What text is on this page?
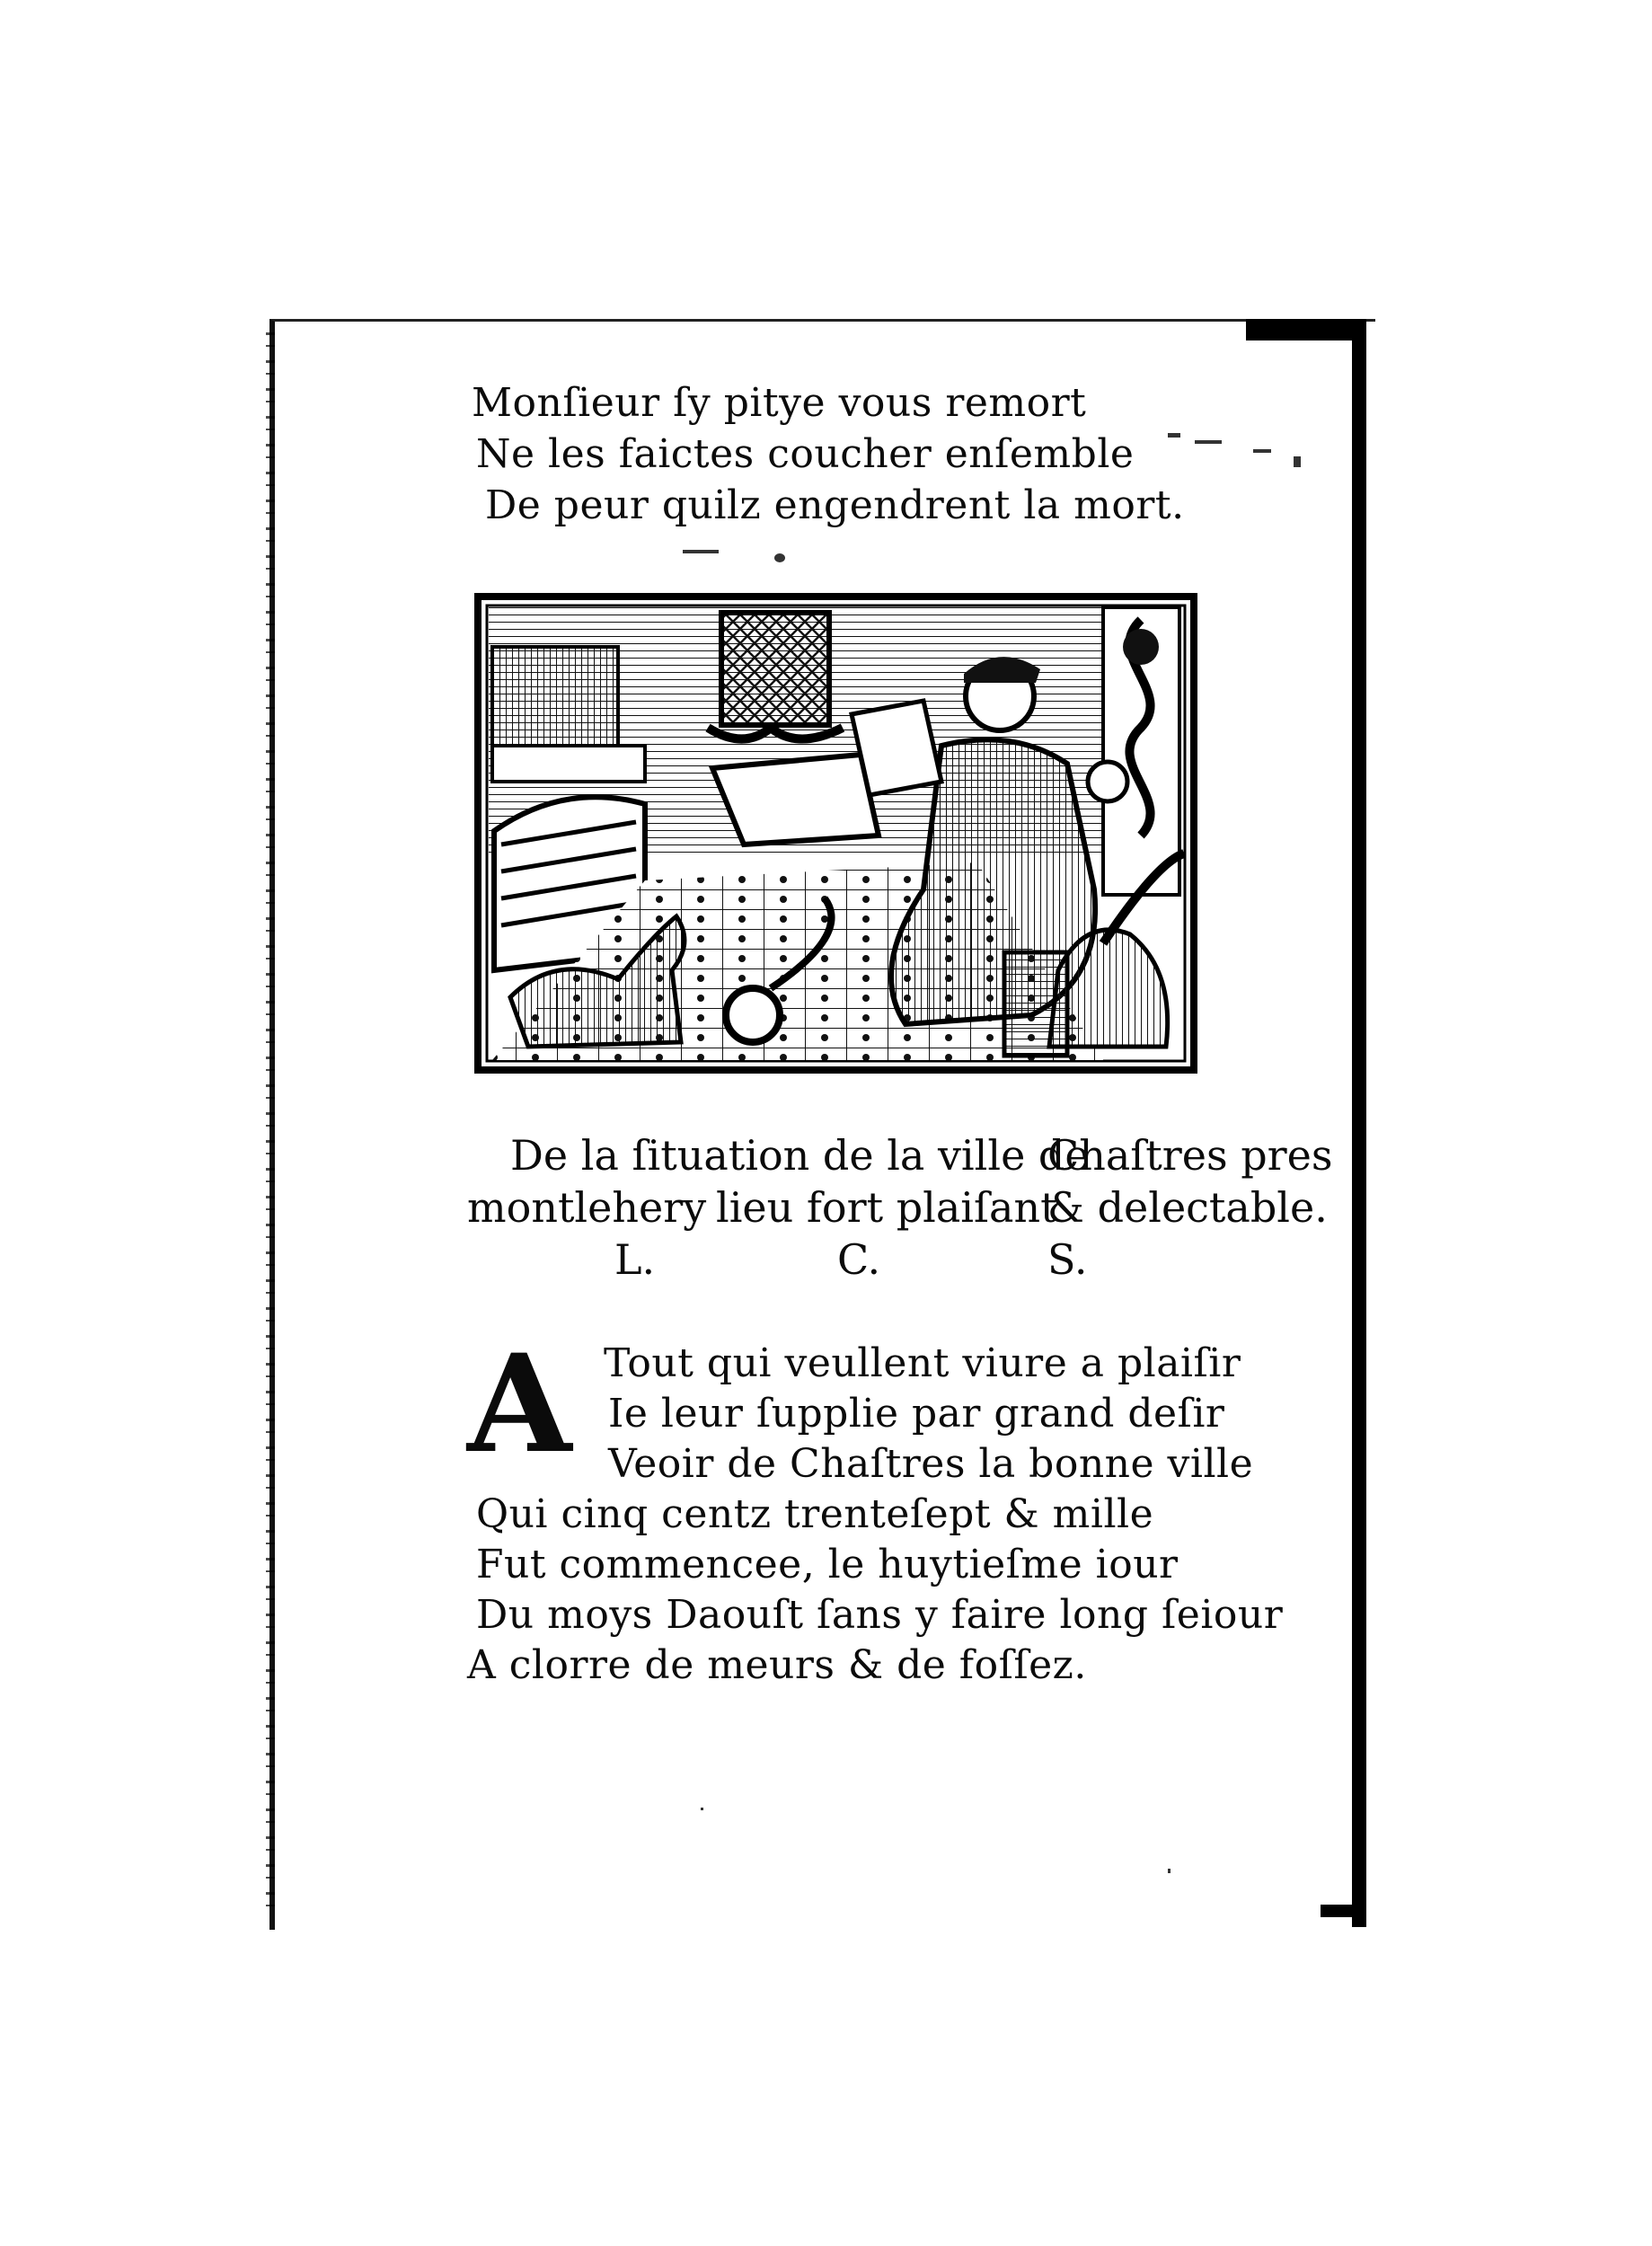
Monſieur ſy pitye vous remort
Ne les faictes coucher enſemble
De peur quilz engendrent la mort.
De la ſituation de la ville de
Chaſtres pres
montlehery lieu fort plaiſant
& delectable.
L.	C.	S.
A Tout qui veullent viure a plaiſir
Ie leur ſupplie par grand deſir
Veoir de Chaſtres la bonne ville
Qui cinq centz trenteſept & mille
Fut commencee, le huytieſme iour
Du moys Daouſt ſans y faire long ſeiour
A clorre de meurs & de foſſez.
